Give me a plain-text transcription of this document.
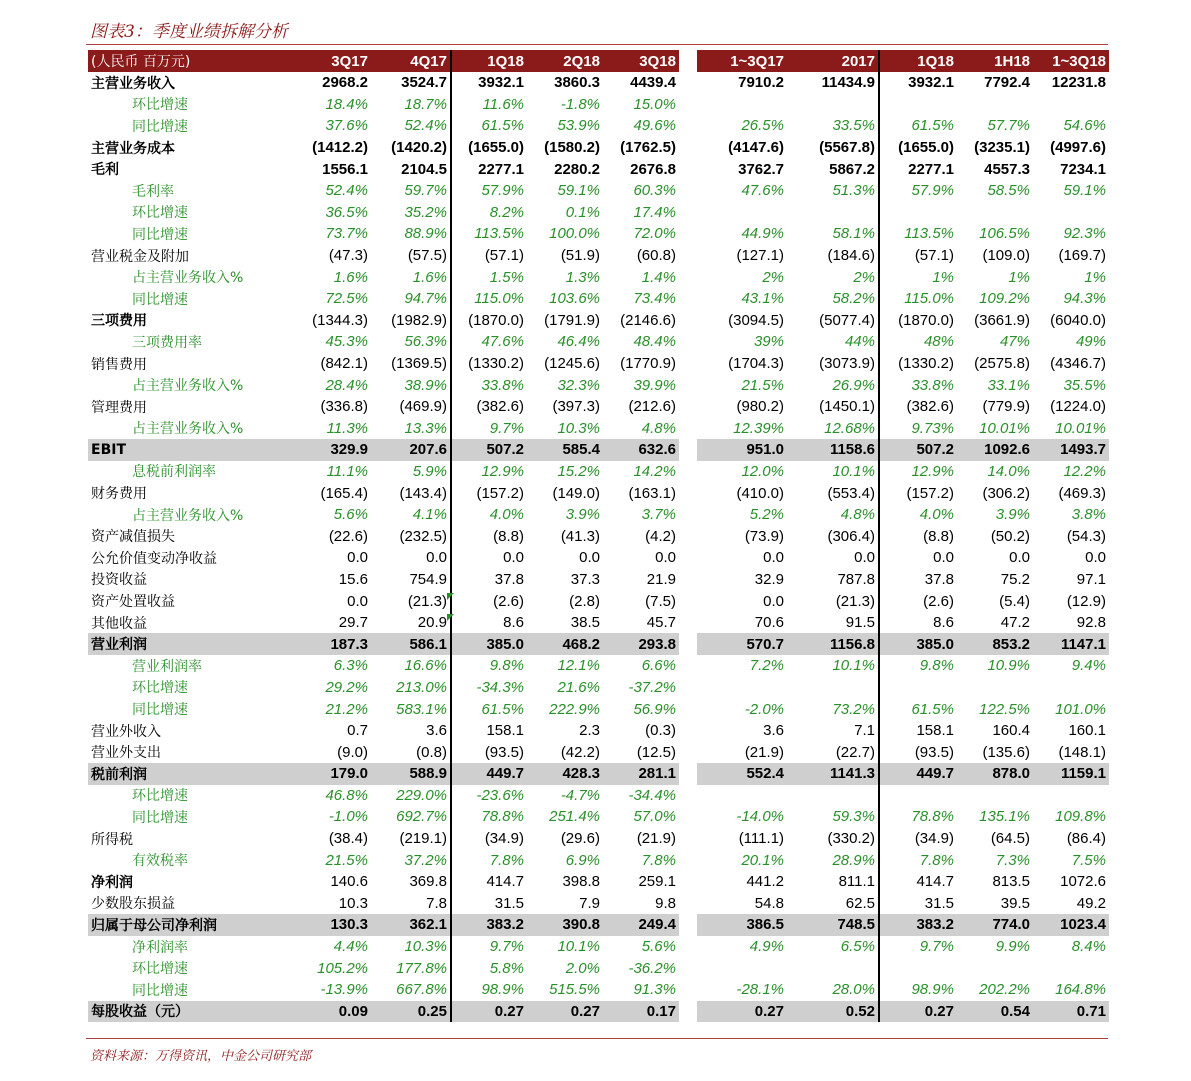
图表3：季度业绩拆解分析
(人民币 百万元)	3Q17	4Q17	1Q18	2Q18	3Q18		1~3Q17	2017	1Q18	1H18	1~3Q18
主营业务收入	2968.2	3524.7	3932.1	3860.3	4439.4		7910.2	11434.9	3932.1	7792.4	12231.8
环比增速	18.4%	18.7%	11.6%	-1.8%	15.0%						
同比增速	37.6%	52.4%	61.5%	53.9%	49.6%		26.5%	33.5%	61.5%	57.7%	54.6%
主营业务成本	(1412.2)	(1420.2)	(1655.0)	(1580.2)	(1762.5)		(4147.6)	(5567.8)	(1655.0)	(3235.1)	(4997.6)
毛利	1556.1	2104.5	2277.1	2280.2	2676.8		3762.7	5867.2	2277.1	4557.3	7234.1
毛利率	52.4%	59.7%	57.9%	59.1%	60.3%		47.6%	51.3%	57.9%	58.5%	59.1%
环比增速	36.5%	35.2%	8.2%	0.1%	17.4%						
同比增速	73.7%	88.9%	113.5%	100.0%	72.0%		44.9%	58.1%	113.5%	106.5%	92.3%
营业税金及附加	(47.3)	(57.5)	(57.1)	(51.9)	(60.8)		(127.1)	(184.6)	(57.1)	(109.0)	(169.7)
占主营业务收入%	1.6%	1.6%	1.5%	1.3%	1.4%		2%	2%	1%	1%	1%
同比增速	72.5%	94.7%	115.0%	103.6%	73.4%		43.1%	58.2%	115.0%	109.2%	94.3%
三项费用	(1344.3)	(1982.9)	(1870.0)	(1791.9)	(2146.6)		(3094.5)	(5077.4)	(1870.0)	(3661.9)	(6040.0)
三项费用率	45.3%	56.3%	47.6%	46.4%	48.4%		39%	44%	48%	47%	49%
销售费用	(842.1)	(1369.5)	(1330.2)	(1245.6)	(1770.9)		(1704.3)	(3073.9)	(1330.2)	(2575.8)	(4346.7)
占主营业务收入%	28.4%	38.9%	33.8%	32.3%	39.9%		21.5%	26.9%	33.8%	33.1%	35.5%
管理费用	(336.8)	(469.9)	(382.6)	(397.3)	(212.6)		(980.2)	(1450.1)	(382.6)	(779.9)	(1224.0)
占主营业务收入%	11.3%	13.3%	9.7%	10.3%	4.8%		12.39%	12.68%	9.73%	10.01%	10.01%
EBIT	329.9	207.6	507.2	585.4	632.6		951.0	1158.6	507.2	1092.6	1493.7
息税前利润率	11.1%	5.9%	12.9%	15.2%	14.2%		12.0%	10.1%	12.9%	14.0%	12.2%
财务费用	(165.4)	(143.4)	(157.2)	(149.0)	(163.1)		(410.0)	(553.4)	(157.2)	(306.2)	(469.3)
占主营业务收入%	5.6%	4.1%	4.0%	3.9%	3.7%		5.2%	4.8%	4.0%	3.9%	3.8%
资产减值损失	(22.6)	(232.5)	(8.8)	(41.3)	(4.2)		(73.9)	(306.4)	(8.8)	(50.2)	(54.3)
公允价值变动净收益	0.0	0.0	0.0	0.0	0.0		0.0	0.0	0.0	0.0	0.0
投资收益	15.6	754.9	37.8	37.3	21.9		32.9	787.8	37.8	75.2	97.1
资产处置收益	0.0	(21.3)	(2.6)	(2.8)	(7.5)		0.0	(21.3)	(2.6)	(5.4)	(12.9)
其他收益	29.7	20.9	8.6	38.5	45.7		70.6	91.5	8.6	47.2	92.8
营业利润	187.3	586.1	385.0	468.2	293.8		570.7	1156.8	385.0	853.2	1147.1
营业利润率	6.3%	16.6%	9.8%	12.1%	6.6%		7.2%	10.1%	9.8%	10.9%	9.4%
环比增速	29.2%	213.0%	-34.3%	21.6%	-37.2%						
同比增速	21.2%	583.1%	61.5%	222.9%	56.9%		-2.0%	73.2%	61.5%	122.5%	101.0%
营业外收入	0.7	3.6	158.1	2.3	(0.3)		3.6	7.1	158.1	160.4	160.1
营业外支出	(9.0)	(0.8)	(93.5)	(42.2)	(12.5)		(21.9)	(22.7)	(93.5)	(135.6)	(148.1)
税前利润	179.0	588.9	449.7	428.3	281.1		552.4	1141.3	449.7	878.0	1159.1
环比增速	46.8%	229.0%	-23.6%	-4.7%	-34.4%						
同比增速	-1.0%	692.7%	78.8%	251.4%	57.0%		-14.0%	59.3%	78.8%	135.1%	109.8%
所得税	(38.4)	(219.1)	(34.9)	(29.6)	(21.9)		(111.1)	(330.2)	(34.9)	(64.5)	(86.4)
有效税率	21.5%	37.2%	7.8%	6.9%	7.8%		20.1%	28.9%	7.8%	7.3%	7.5%
净利润	140.6	369.8	414.7	398.8	259.1		441.2	811.1	414.7	813.5	1072.6
少数股东损益	10.3	7.8	31.5	7.9	9.8		54.8	62.5	31.5	39.5	49.2
归属于母公司净利润	130.3	362.1	383.2	390.8	249.4		386.5	748.5	383.2	774.0	1023.4
净利润率	4.4%	10.3%	9.7%	10.1%	5.6%		4.9%	6.5%	9.7%	9.9%	8.4%
环比增速	105.2%	177.8%	5.8%	2.0%	-36.2%						
同比增速	-13.9%	667.8%	98.9%	515.5%	91.3%		-28.1%	28.0%	98.9%	202.2%	164.8%
每股收益（元）	0.09	0.25	0.27	0.27	0.17		0.27	0.52	0.27	0.54	0.71
资料来源：万得资讯，中金公司研究部
